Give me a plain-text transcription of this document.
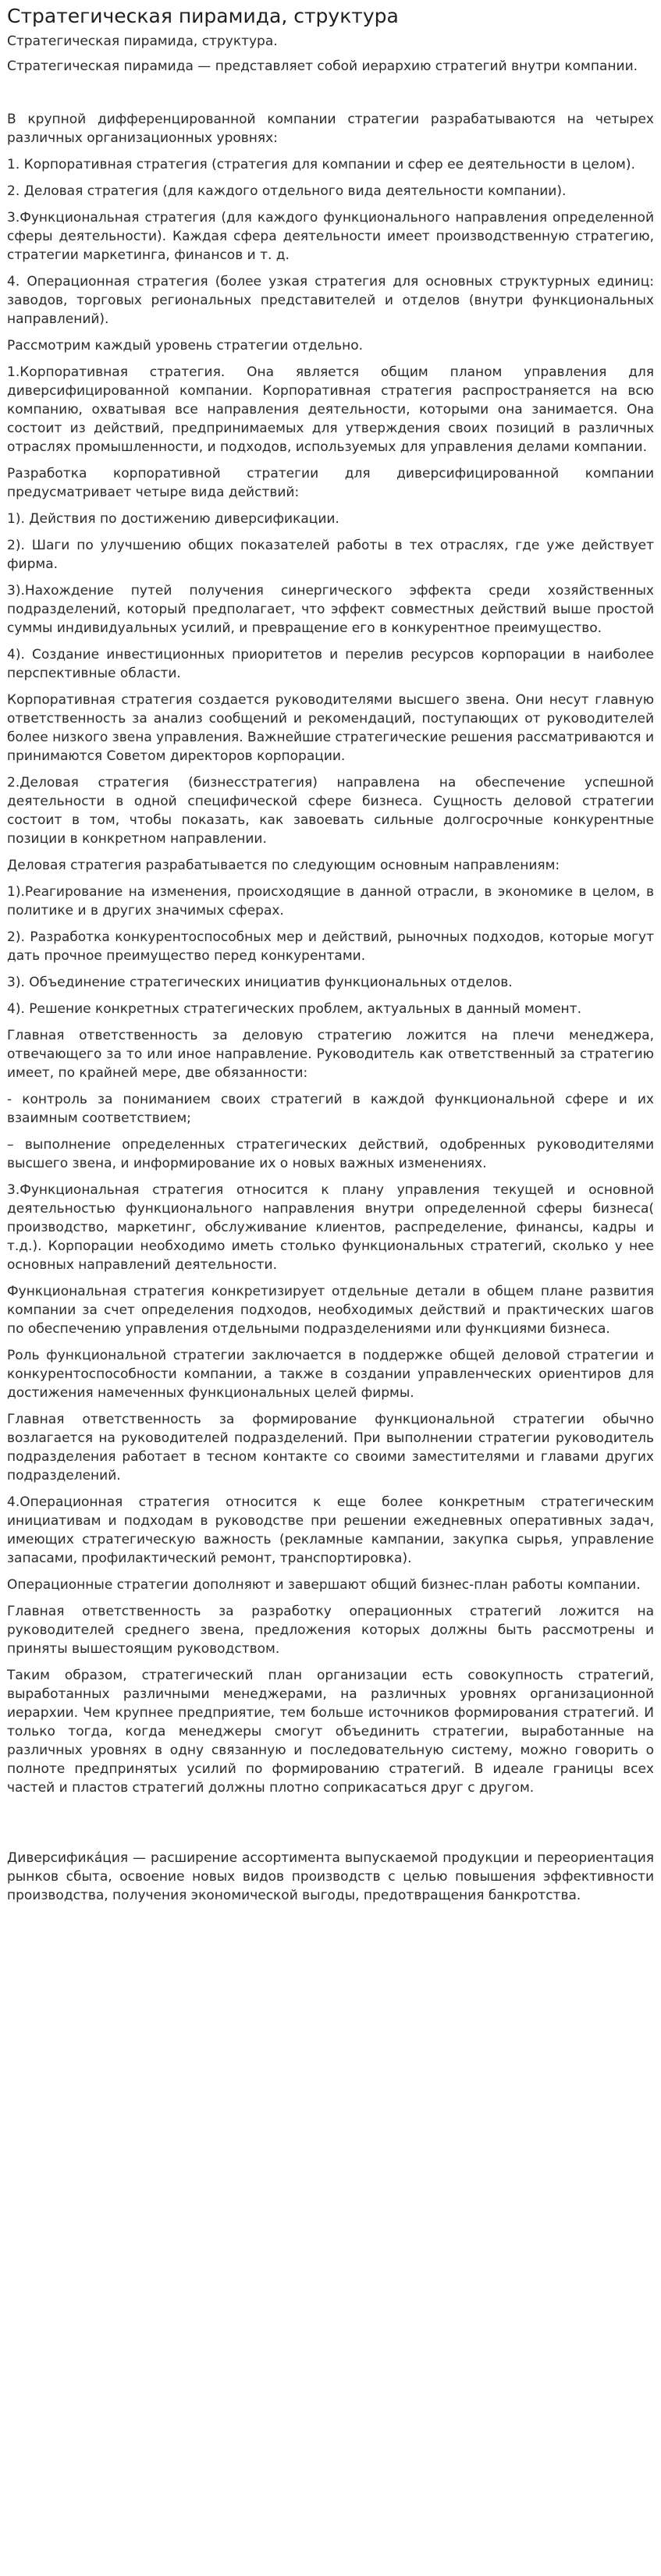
Стратегическая пирамида, структура

Стратегическая пирамида, структура.

Стратегическая пирамида — представляет собой иерархию стратегий внутри компании.

В крупной дифференцированной компании стратегии разрабатываются на четырех различных организационных уровнях:

1. Корпоративная стратегия (стратегия для компании и сфер ее деятельности в целом).

2. Деловая стратегия (для каждого отдельного вида деятельности компании).

3.Функциональная стратегия (для каждого функционального направления определенной сферы деятельности). Каждая сфера деятельности имеет производственную стратегию, стратегии маркетинга, финансов и т. д.

4. Операционная стратегия (более узкая стратегия для основных структурных единиц: заводов, торговых региональных представителей и отделов (внутри функциональных направлений).

Рассмотрим каждый уровень стратегии отдельно.

1.Корпоративная стратегия. Она является общим планом управления для диверсифицированной компании. Корпоративная стратегия распространяется на всю компанию, охватывая все направления деятельности, которыми она занимается. Она состоит из действий, предпринимаемых для утверждения своих позиций в различных отраслях промышленности, и подходов, используемых для управления делами компании.

Разработка корпоративной стратегии для диверсифицированной компании предусматривает четыре вида действий:

1). Действия по достижению диверсификации.

2). Шаги по улучшению общих показателей работы в тех отраслях, где уже действует фирма.

3).Нахождение путей получения синергического эффекта среди хозяйственных подразделений, который предполагает, что эффект совместных действий выше простой суммы индивидуальных усилий, и превращение его в конкурентное преимущество.

4). Создание инвестиционных приоритетов и перелив ресурсов корпорации в наиболее перспективные области.

Корпоративная стратегия создается руководителями высшего звена. Они несут главную ответственность за анализ сообщений и рекомендаций, поступающих от руководителей более низкого звена управления. Важнейшие стратегические решения рассматриваются и принимаются Советом директоров корпорации.

2.Деловая стратегия (бизнесстратегия) направлена на обеспечение успешной деятельности в одной специфической сфере бизнеса. Сущность деловой стратегии состоит в том, чтобы показать, как завоевать сильные долгосрочные конкурентные позиции в конкретном направлении.

Деловая стратегия разрабатывается по следующим основным направлениям:

1).Реагирование на изменения, происходящие в данной отрасли, в экономике в целом, в политике и в других значимых сферах.

2). Разработка конкурентоспособных мер и действий, рыночных подходов, которые могут дать прочное преимущество перед конкурентами.

3). Объединение стратегических инициатив функциональных отделов.

4). Решение конкретных стратегических проблем, актуальных в данный момент.

Главная ответственность за деловую стратегию ложится на плечи менеджера, отвечающего за то или иное направление. Руководитель как ответственный за стратегию имеет, по крайней мере, две обязанности:

- контроль за пониманием своих стратегий в каждой функциональной сфере и их взаимным соответствием;

– выполнение определенных стратегических действий, одобренных руководителями высшего звена, и информирование их о новых важных изменениях.

3.Функциональная стратегия относится к плану управления текущей и основной деятельностью функционального направления внутри определенной сферы бизнеса( производство, маркетинг, обслуживание клиентов, распределение, финансы, кадры и т.д.). Корпорации необходимо иметь столько функциональных стратегий, сколько у нее основных направлений деятельности.

Функциональная стратегия конкретизирует отдельные детали в общем плане развития компании за счет определения подходов, необходимых действий и практических шагов по обеспечению управления отдельными подразделениями или функциями бизнеса.

Роль функциональной стратегии заключается в поддержке общей деловой стратегии и конкурентоспособности компании, а также в создании управленческих ориентиров для достижения намеченных функциональных целей фирмы.

Главная ответственность за формирование функциональной стратегии обычно возлагается на руководителей подразделений. При выполнении стратегии руководитель подразделения работает в тесном контакте со своими заместителями и главами других подразделений.

4.Операционная стратегия относится к еще более конкретным стратегическим инициативам и подходам в руководстве при решении ежедневных оперативных задач, имеющих стратегическую важность (рекламные кампании, закупка сырья, управление запасами, профилактический ремонт, транспортировка).

Операционные стратегии дополняют и завершают общий бизнес-план работы компании.

Главная ответственность за разработку операционных стратегий ложится на руководителей среднего звена, предложения которых должны быть рассмотрены и приняты вышестоящим руководством.

Таким образом, стратегический план организации есть совокупность стратегий, выработанных различными менеджерами, на различных уровнях организационной иерархии. Чем крупнее предприятие, тем больше источников формирования стратегий. И только тогда, когда менеджеры смогут объединить стратегии, выработанные на различных уровнях в одну связанную и последовательную систему, можно говорить о полноте предпринятых усилий по формированию стратегий. В идеале границы всех частей и пластов стратегий должны плотно соприкасаться друг с другом.

Диверсифика́ция — расширение ассортимента выпускаемой продукции и переориентация рынков сбыта, освоение новых видов производств с целью повышения эффективности производства, получения экономической выгоды, предотвращения банкротства.
